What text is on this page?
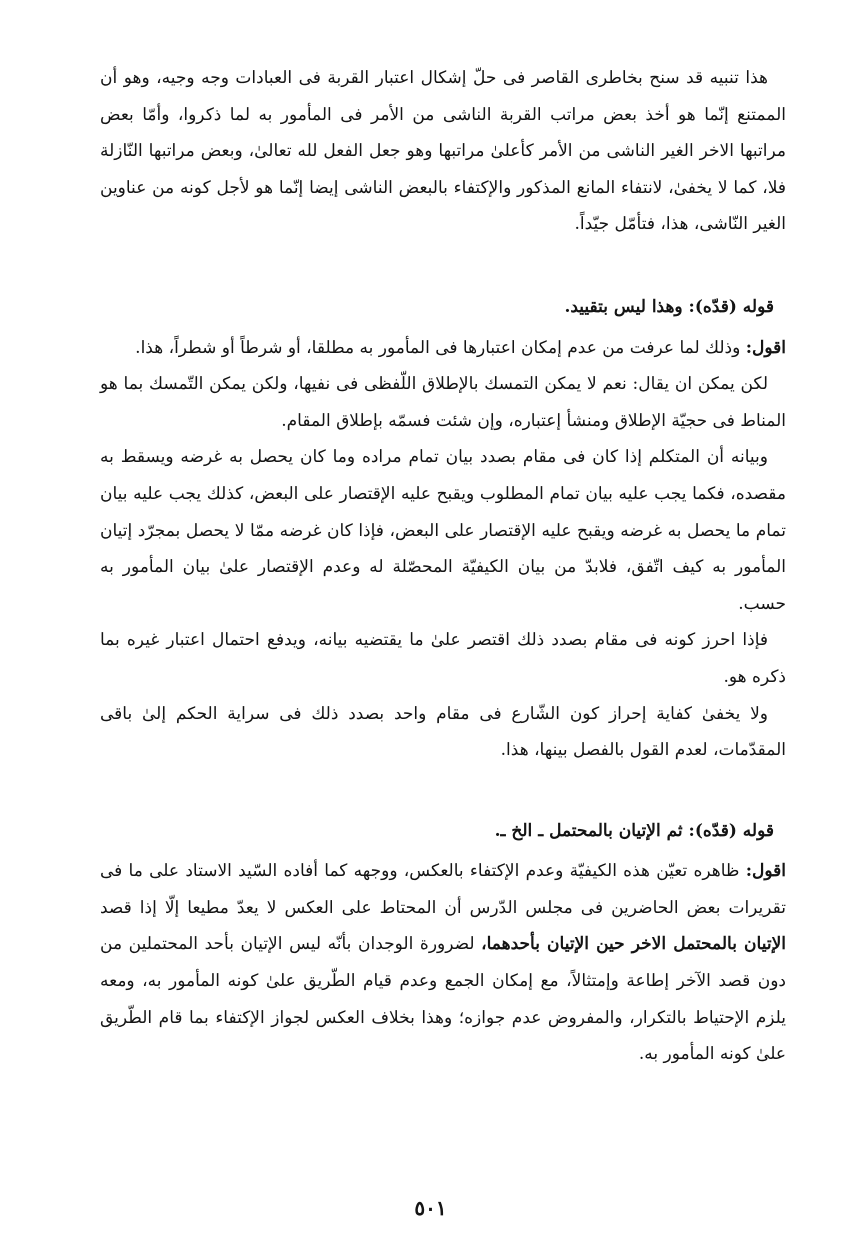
هذا تنبيه قد سنح بخاطرى القاصر فى حلّ إشكال اعتبار القربة فى العبادات وجه وجيه، وهو أن الممتنع إنّما هو أخذ بعض مراتب القربة الناشى من الأمر فى المأمور به لما ذكروا، وأمّا بعض مراتبها الاخر الغير الناشى من الأمر كأعلىٰ مراتبها وهو جعل الفعل لله تعالىٰ، وبعض مراتبها النّازلة فلا، كما لا يخفىٰ، لانتفاء المانع المذكور والإكتفاء بالبعض الناشى إيضا إنّما هو لأجل كونه من عناوين الغير النّاشى، هذا، فتأمّل جيّداً.

قوله (قدّه): وهذا ليس بتقييد.

اقول: وذلك لما عرفت من عدم إمكان اعتبارها فى المأمور به مطلقا، أو شرطاً أو شطراً، هذا.

لكن يمكن ان يقال: نعم لا يمكن التمسك بالإطلاق اللّفظى فى نفيها، ولكن يمكن التّمسك بما هو المناط فى حجيّة الإطلاق ومنشأ إعتباره، وإن شئت فسمّه بإطلاق المقام.

وبيانه أن المتكلم إذا كان فى مقام بصدد بيان تمام مراده وما كان يحصل به غرضه ويسقط به مقصده، فكما يجب عليه بيان تمام المطلوب ويقبح عليه الإقتصار على البعض، كذلك يجب عليه بيان تمام ما يحصل به غرضه ويقبح عليه الإقتصار على البعض، فإذا كان غرضه ممّا لا يحصل بمجرّد إتيان المأمور به كيف اتّفق، فلابدّ من بيان الكيفيّة المحصّلة له وعدم الإقتصار علىٰ بيان المأمور به حسب.

فإذا احرز كونه فى مقام بصدد ذلك اقتصر علىٰ ما يقتضيه بيانه، ويدفع احتمال اعتبار غيره بما ذكره هو.

ولا يخفىٰ كفاية إحراز كون الشّارع فى مقام واحد بصدد ذلك فى سراية الحكم إلىٰ باقى المقدّمات، لعدم القول بالفصل بينها، هذا.

قوله (قدّه): ثم الإتيان بالمحتمل ـ الخ ـ.

اقول: ظاهره تعيّن هذه الكيفيّة وعدم الإكتفاء بالعكس، ووجهه كما أفاده السّيد الاستاد على ما فى تقريرات بعض الحاضرين فى مجلس الدّرس أن المحتاط على العكس لا يعدّ مطيعا إلّا إذا قصد الإتيان بالمحتمل الاخر حين الإتيان بأحدهما، لضرورة الوجدان بأنّه ليس الإتيان بأحد المحتملين من دون قصد الآخر إطاعة وإمتثالاً، مع إمكان الجمع وعدم قيام الطّريق علىٰ كونه المأمور به، ومعه يلزم الإحتياط بالتكرار، والمفروض عدم جوازه؛ وهذا بخلاف العكس لجواز الإكتفاء بما قام الطّريق علىٰ كونه المأمور به.

٥٠١
